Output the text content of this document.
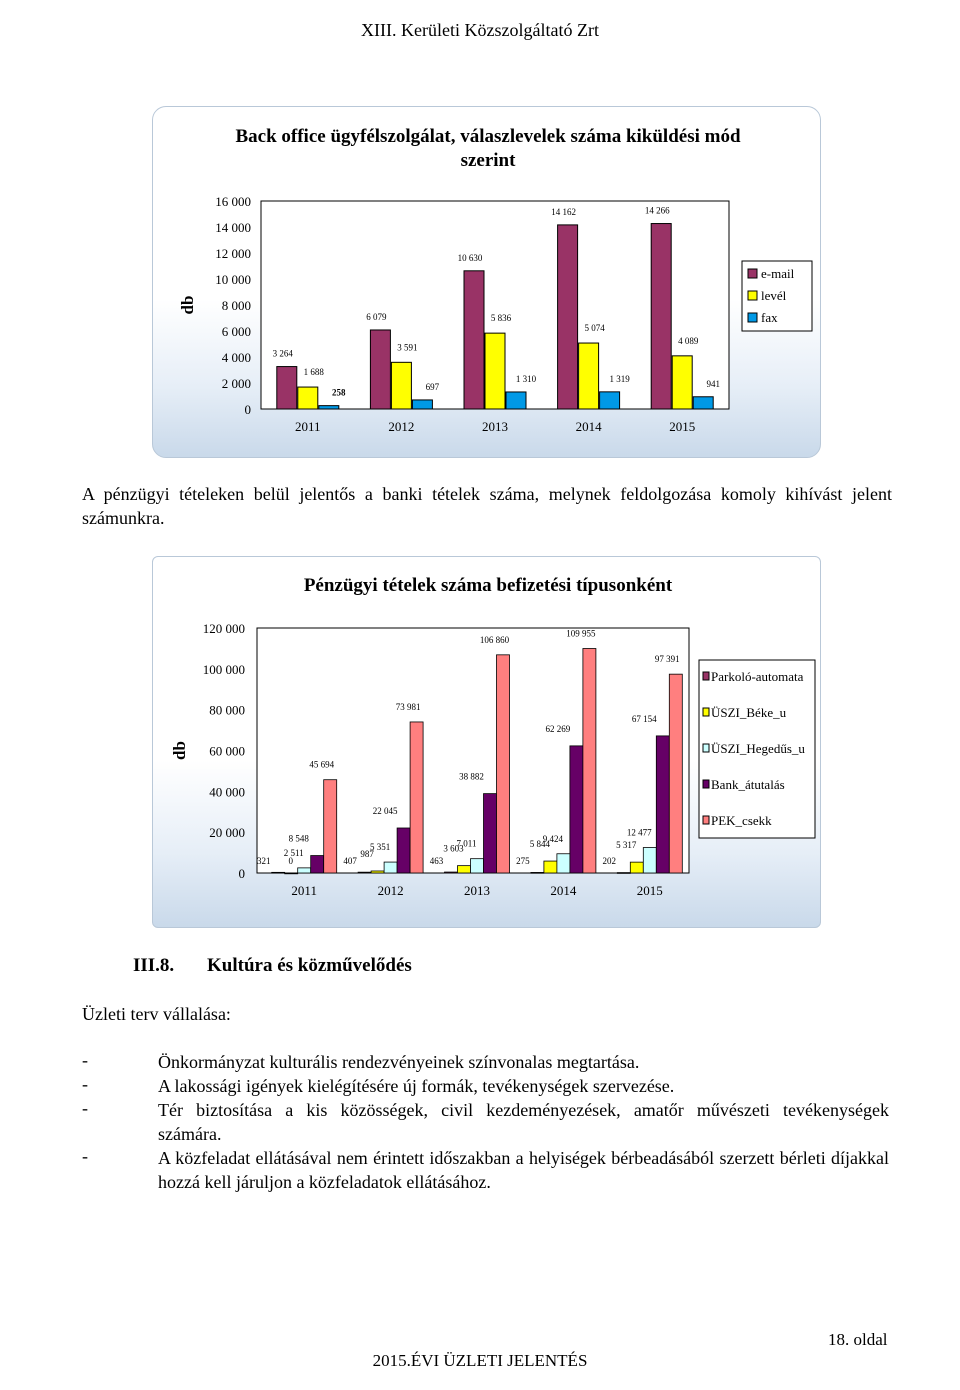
XIII. Kerületi Közszolgáltató Zrt
Back office ügyfélszolgálat, válaszlevelek száma kiküldési mód szerint
16 000
14 000
12 000
10 000
8 000
6 000
4 000
2 000
0
db
2011
3 264
1 688
258
2012
6 079
3 591
697
2013
10 630
5 836
1 310
2014
14 162
5 074
1 319
2015
14 266
4 089
941
e-mail
levél
fax
A pénzügyi tételeken belül jelentős a banki tételek száma, melynek feldolgozása komoly kihívást jelent számunkra.
Pénzügyi tételek száma befizetési típusonként
120 000
100 000
80 000
60 000
40 000
20 000
0
db
2011
321 0
2 511
8 548
45 694
2012
407
987
5 351
22 045
73 981
2013
463
3 603
7 011
38 882
106 860
2014
275
5 844
9 424
62 269
109 955
2015
202
5 317
12 477
67 154
97 391
Parkoló-automata
ÜSZI_Béke_u
ÜSZI_Hegedűs_u
Bank_átutalás
PEK_csekk
III.8. Kultúra és közművelődés
Üzleti terv vállalása:
-	Önkormányzat kulturális rendezvényeinek színvonalas megtartása.
-	A lakossági igények kielégítésére új formák, tevékenységek szervezése.
-	Tér biztosítása a kis közösségek, civil kezdeményezések, amatőr művészeti tevékenységek számára.
-	A közfeladat ellátásával nem érintett időszakban a helyiségek bérbeadásából szerzett bérleti díjakkal hozzá kell járuljon a közfeladatok ellátásához.
18. oldal
2015.ÉVI ÜZLETI JELENTÉS
